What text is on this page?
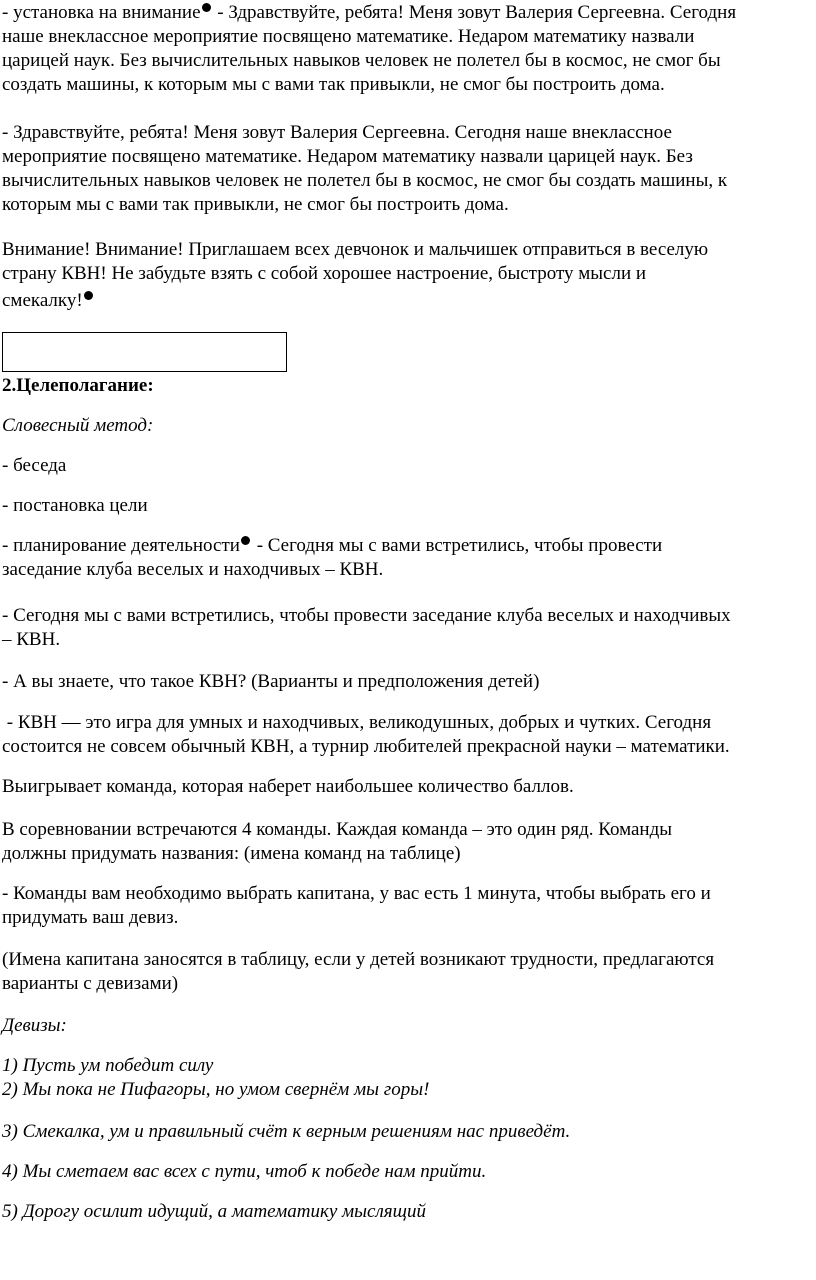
- установка на внимание - Здравствуйте, ребята! Меня зовут Валерия Сергеевна. Сегодня
наше внеклассное мероприятие посвящено математике. Недаром математику назвали
царицей наук. Без вычислительных навыков человек не полетел бы в космос, не смог бы
создать машины, к которым мы с вами так привыкли, не смог бы построить дома.

- Здравствуйте, ребята! Меня зовут Валерия Сергеевна. Сегодня наше внеклассное
мероприятие посвящено математике. Недаром математику назвали царицей наук. Без
вычислительных навыков человек не полетел бы в космос, не смог бы создать машины, к
которым мы с вами так привыкли, не смог бы построить дома.

Внимание! Внимание! Приглашаем всех девчонок и мальчишек отправиться в веселую
страну КВН! Не забудьте взять с собой хорошее настроение, быстроту мысли и
смекалку!

2.Целеполагание:

Словесный метод:

- беседа

- постановка цели

- планирование деятельности - Сегодня мы с вами встретились, чтобы провести
заседание клуба веселых и находчивых – КВН.

- Сегодня мы с вами встретились, чтобы провести заседание клуба веселых и находчивых
– КВН.

- А вы знаете, что такое КВН? (Варианты и предположения детей)

- КВН — это игра для умных и находчивых, великодушных, добрых и чутких. Сегодня
состоится не совсем обычный КВН, а турнир любителей прекрасной науки – математики.

Выигрывает команда, которая наберет наибольшее количество баллов.

В соревновании встречаются 4 команды. Каждая команда – это один ряд. Команды
должны придумать названия: (имена команд на таблице)

- Команды вам необходимо выбрать капитана, у вас есть 1 минута, чтобы выбрать его и
придумать ваш девиз.

(Имена капитана заносятся в таблицу, если у детей возникают трудности, предлагаются
варианты с девизами)

Девизы:

1) Пусть ум победит силу
2) Мы пока не Пифагоры, но умом свернём мы горы!

3) Смекалка, ум и правильный счёт к верным решениям нас приведёт.

4) Мы сметаем вас всех с пути, чтоб к победе нам прийти.

5) Дорогу осилит идущий, а математику мыслящий
